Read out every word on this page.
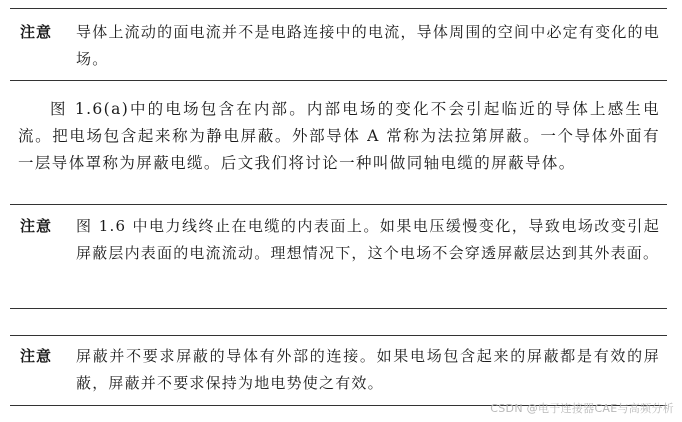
注意 导体上流动的面电流并不是电路连接中的电流，导体周围的空间中必定有变化的电场。
图 1.6(a)中的电场包含在内部。内部电场的变化不会引起临近的导体上感生电流。把电场包含起来称为静电屏蔽。外部导体 A 常称为法拉第屏蔽。一个导体外面有一层导体罩称为屏蔽电缆。后文我们将讨论一种叫做同轴电缆的屏蔽导体。
注意 图 1.6 中电力线终止在电缆的内表面上。如果电压缓慢变化，导致电场改变引起屏蔽层内表面的电流流动。理想情况下，这个电场不会穿透屏蔽层达到其外表面。
注意 屏蔽并不要求屏蔽的导体有外部的连接。如果电场包含起来的屏蔽都是有效的屏蔽，屏蔽并不要求保持为地电势使之有效。
CSDN @电子连接器CAE与高频分析
